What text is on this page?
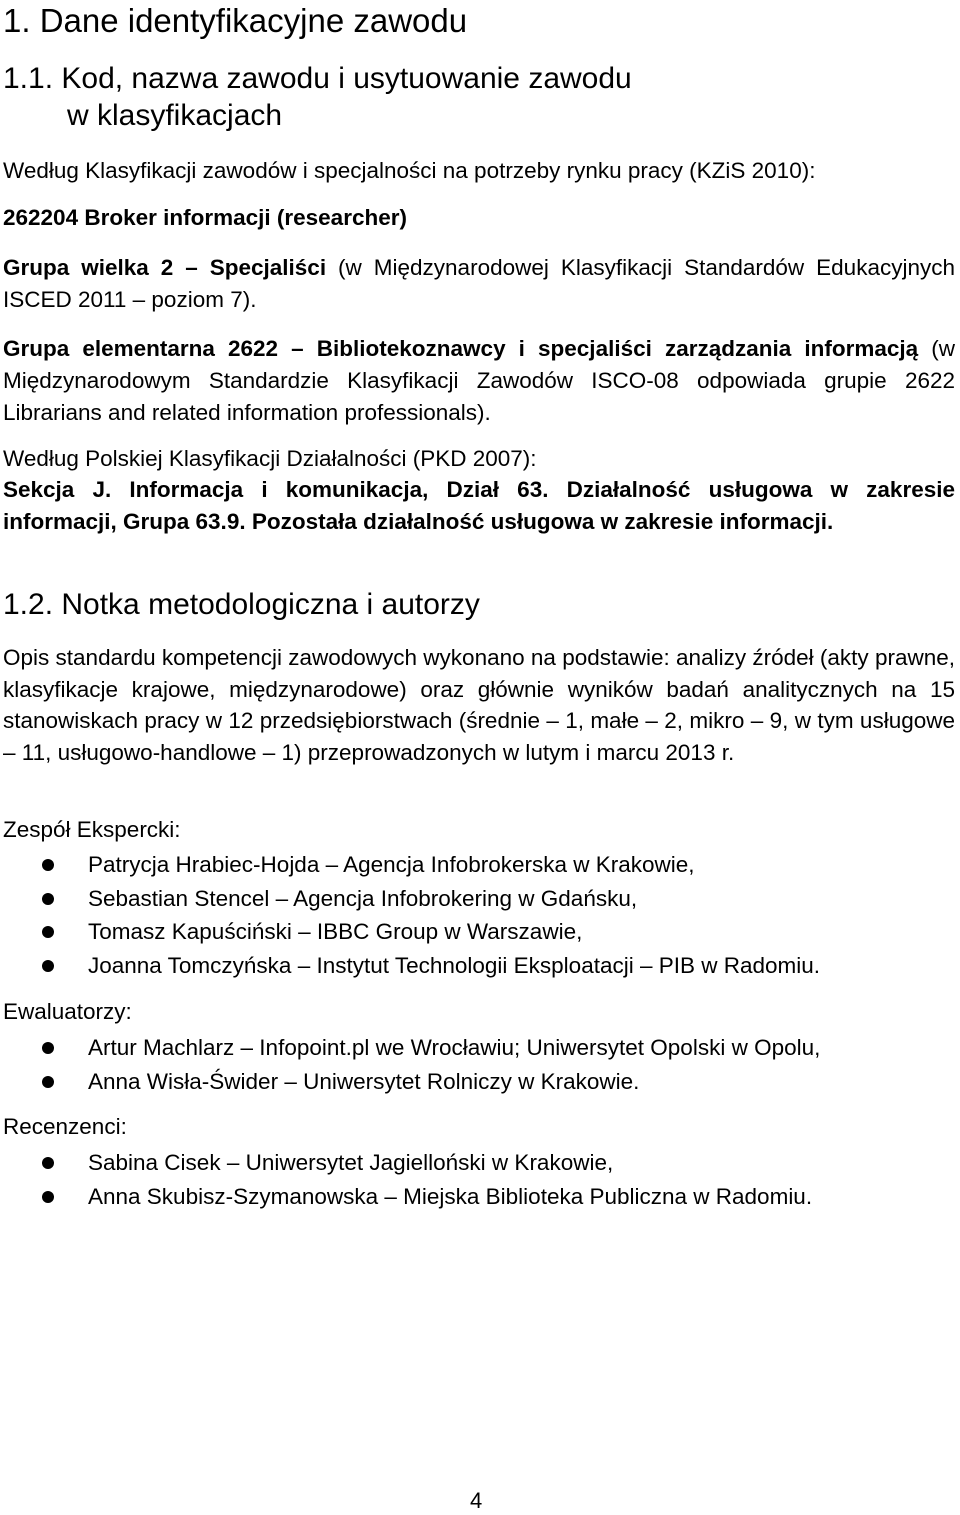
1. Dane identyfikacyjne zawodu
1.1. Kod, nazwa zawodu i usytuowanie zawodu
w klasyfikacjach
Według Klasyfikacji zawodów i specjalności na potrzeby rynku pracy (KZiS 2010):
262204 Broker informacji (researcher)
Grupa wielka 2 – Specjaliści (w Międzynarodowej Klasyfikacji Standardów Edukacyjnych ISCED 2011 – poziom 7).
Grupa elementarna 2622 – Bibliotekoznawcy i specjaliści zarządzania informacją (w Międzynarodowym Standardzie Klasyfikacji Zawodów ISCO-08 odpowiada grupie 2622 Librarians and related information professionals).
Według Polskiej Klasyfikacji Działalności (PKD 2007):
Sekcja J. Informacja i komunikacja, Dział 63. Działalność usługowa w zakresie informacji, Grupa 63.9. Pozostała działalność usługowa w zakresie informacji.
1.2. Notka metodologiczna i autorzy
Opis standardu kompetencji zawodowych wykonano na podstawie: analizy źródeł (akty prawne, klasyfikacje krajowe, międzynarodowe) oraz głównie wyników badań analitycznych na 15 stanowiskach pracy w 12 przedsiębiorstwach (średnie – 1, małe – 2, mikro – 9, w tym usługowe – 11, usługowo-handlowe – 1) przeprowadzonych w lutym i marcu 2013 r.
Zespół Ekspercki:
Patrycja Hrabiec-Hojda – Agencja Infobrokerska w Krakowie,
Sebastian Stencel – Agencja Infobrokering w Gdańsku,
Tomasz Kapuściński – IBBC Group w Warszawie,
Joanna Tomczyńska – Instytut Technologii Eksploatacji – PIB w Radomiu.
Ewaluatorzy:
Artur Machlarz – Infopoint.pl we Wrocławiu; Uniwersytet Opolski w Opolu,
Anna Wisła-Świder – Uniwersytet Rolniczy w Krakowie.
Recenzenci:
Sabina Cisek – Uniwersytet Jagielloński w Krakowie,
Anna Skubisz-Szymanowska – Miejska Biblioteka Publiczna w Radomiu.
4
